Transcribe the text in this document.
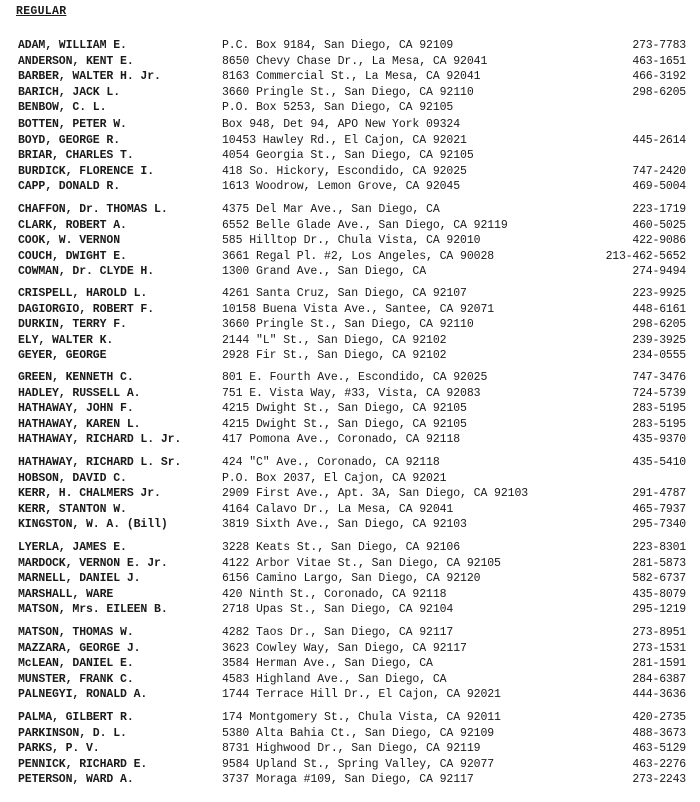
REGULAR
ADAM, WILLIAM E.	P.C. Box 9184, San Diego, CA 92109	273-7783
ANDERSON, KENT E.	8650 Chevy Chase Dr., La Mesa, CA 92041	463-1651
BARBER, WALTER H. Jr.	8163 Commercial St., La Mesa, CA 92041	466-3192
BARICH, JACK L.	3660 Pringle St., San Diego, CA 92110	298-6205
BENBOW, C. L.	P.O. Box 5253, San Diego, CA 92105
BOTTEN, PETER W.	Box 948, Det 94, APO New York 09324
BOYD, GEORGE R.	10453 Hawley Rd., El Cajon, CA 92021	445-2614
BRIAR, CHARLES T.	4054 Georgia St., San Diego, CA 92105
BURDICK, FLORENCE I.	418 So. Hickory, Escondido, CA 92025	747-2420
CAPP, DONALD R.	1613 Woodrow, Lemon Grove, CA 92045	469-5004
CHAFFON, Dr. THOMAS L.	4375 Del Mar Ave., San Diego, CA	223-1719
CLARK, ROBERT A.	6552 Belle Glade Ave., San Diego, CA 92119	460-5025
COOK, W. VERNON	585 Hilltop Dr., Chula Vista, CA 92010	422-9086
COUCH, DWIGHT E.	3661 Regal Pl. #2, Los Angeles, CA 90028	213-462-5652
COWMAN, Dr. CLYDE H.	1300 Grand Ave., San Diego, CA	274-9494
CRISPELL, HAROLD L.	4261 Santa Cruz, San Diego, CA 92107	223-9925
DAGIORGIO, ROBERT F.	10158 Buena Vista Ave., Santee, CA 92071	448-6161
DURKIN, TERRY F.	3660 Pringle St., San Diego, CA 92110	298-6205
ELY, WALTER K.	2144 "L" St., San Diego, CA 92102	239-3925
GEYER, GEORGE	2928 Fir St., San Diego, CA 92102	234-0555
GREEN, KENNETH C.	801 E. Fourth Ave., Escondido, CA 92025	747-3476
HADLEY, RUSSELL A.	751 E. Vista Way, #33, Vista, CA 92083	724-5739
HATHAWAY, JOHN F.	4215 Dwight St., San Diego, CA 92105	283-5195
HATHAWAY, KAREN L.	4215 Dwight St., San Diego, CA 92105	283-5195
HATHAWAY, RICHARD L. Jr.	417 Pomona Ave., Coronado, CA 92118	435-9370
HATHAWAY, RICHARD L. Sr.	424 "C" Ave., Coronado, CA 92118	435-5410
HOBSON, DAVID C.	P.O. Box 2037, El Cajon, CA 92021
KERR, H. CHALMERS Jr.	2909 First Ave., Apt. 3A, San Diego, CA 92103	291-4787
KERR, STANTON W.	4164 Calavo Dr., La Mesa, CA 92041	465-7937
KINGSTON, W. A. (Bill)	3819 Sixth Ave., San Diego, CA 92103	295-7340
LYERLA, JAMES E.	3228 Keats St., San Diego, CA 92106	223-8301
MARDOCK, VERNON E. Jr.	4122 Arbor Vitae St., San Diego, CA 92105	281-5873
MARNELL, DANIEL J.	6156 Camino Largo, San Diego, CA 92120	582-6737
MARSHALL, WARE	420 Ninth St., Coronado, CA 92118	435-8079
MATSON, Mrs. EILEEN B.	2718 Upas St., San Diego, CA 92104	295-1219
MATSON, THOMAS W.	4282 Taos Dr., San Diego, CA 92117	273-8951
MAZZARA, GEORGE J.	3623 Cowley Way, San Diego, CA 92117	273-1531
McLEAN, DANIEL E.	3584 Herman Ave., San Diego, CA	281-1591
MUNSTER, FRANK C.	4583 Highland Ave., San Diego, CA	284-6387
PALNEGYI, RONALD A.	1744 Terrace Hill Dr., El Cajon, CA 92021	444-3636
PALMA, GILBERT R.	174 Montgomery St., Chula Vista, CA 92011	420-2735
PARKINSON, D. L.	5380 Alta Bahia Ct., San Diego, CA 92109	488-3673
PARKS, P. V.	8731 Highwood Dr., San Diego, CA 92119	463-5129
PENNICK, RICHARD E.	9584 Upland St., Spring Valley, CA 92077	463-2276
PETERSON, WARD A.	3737 Moraga #109, San Diego, CA 92117	273-2243
